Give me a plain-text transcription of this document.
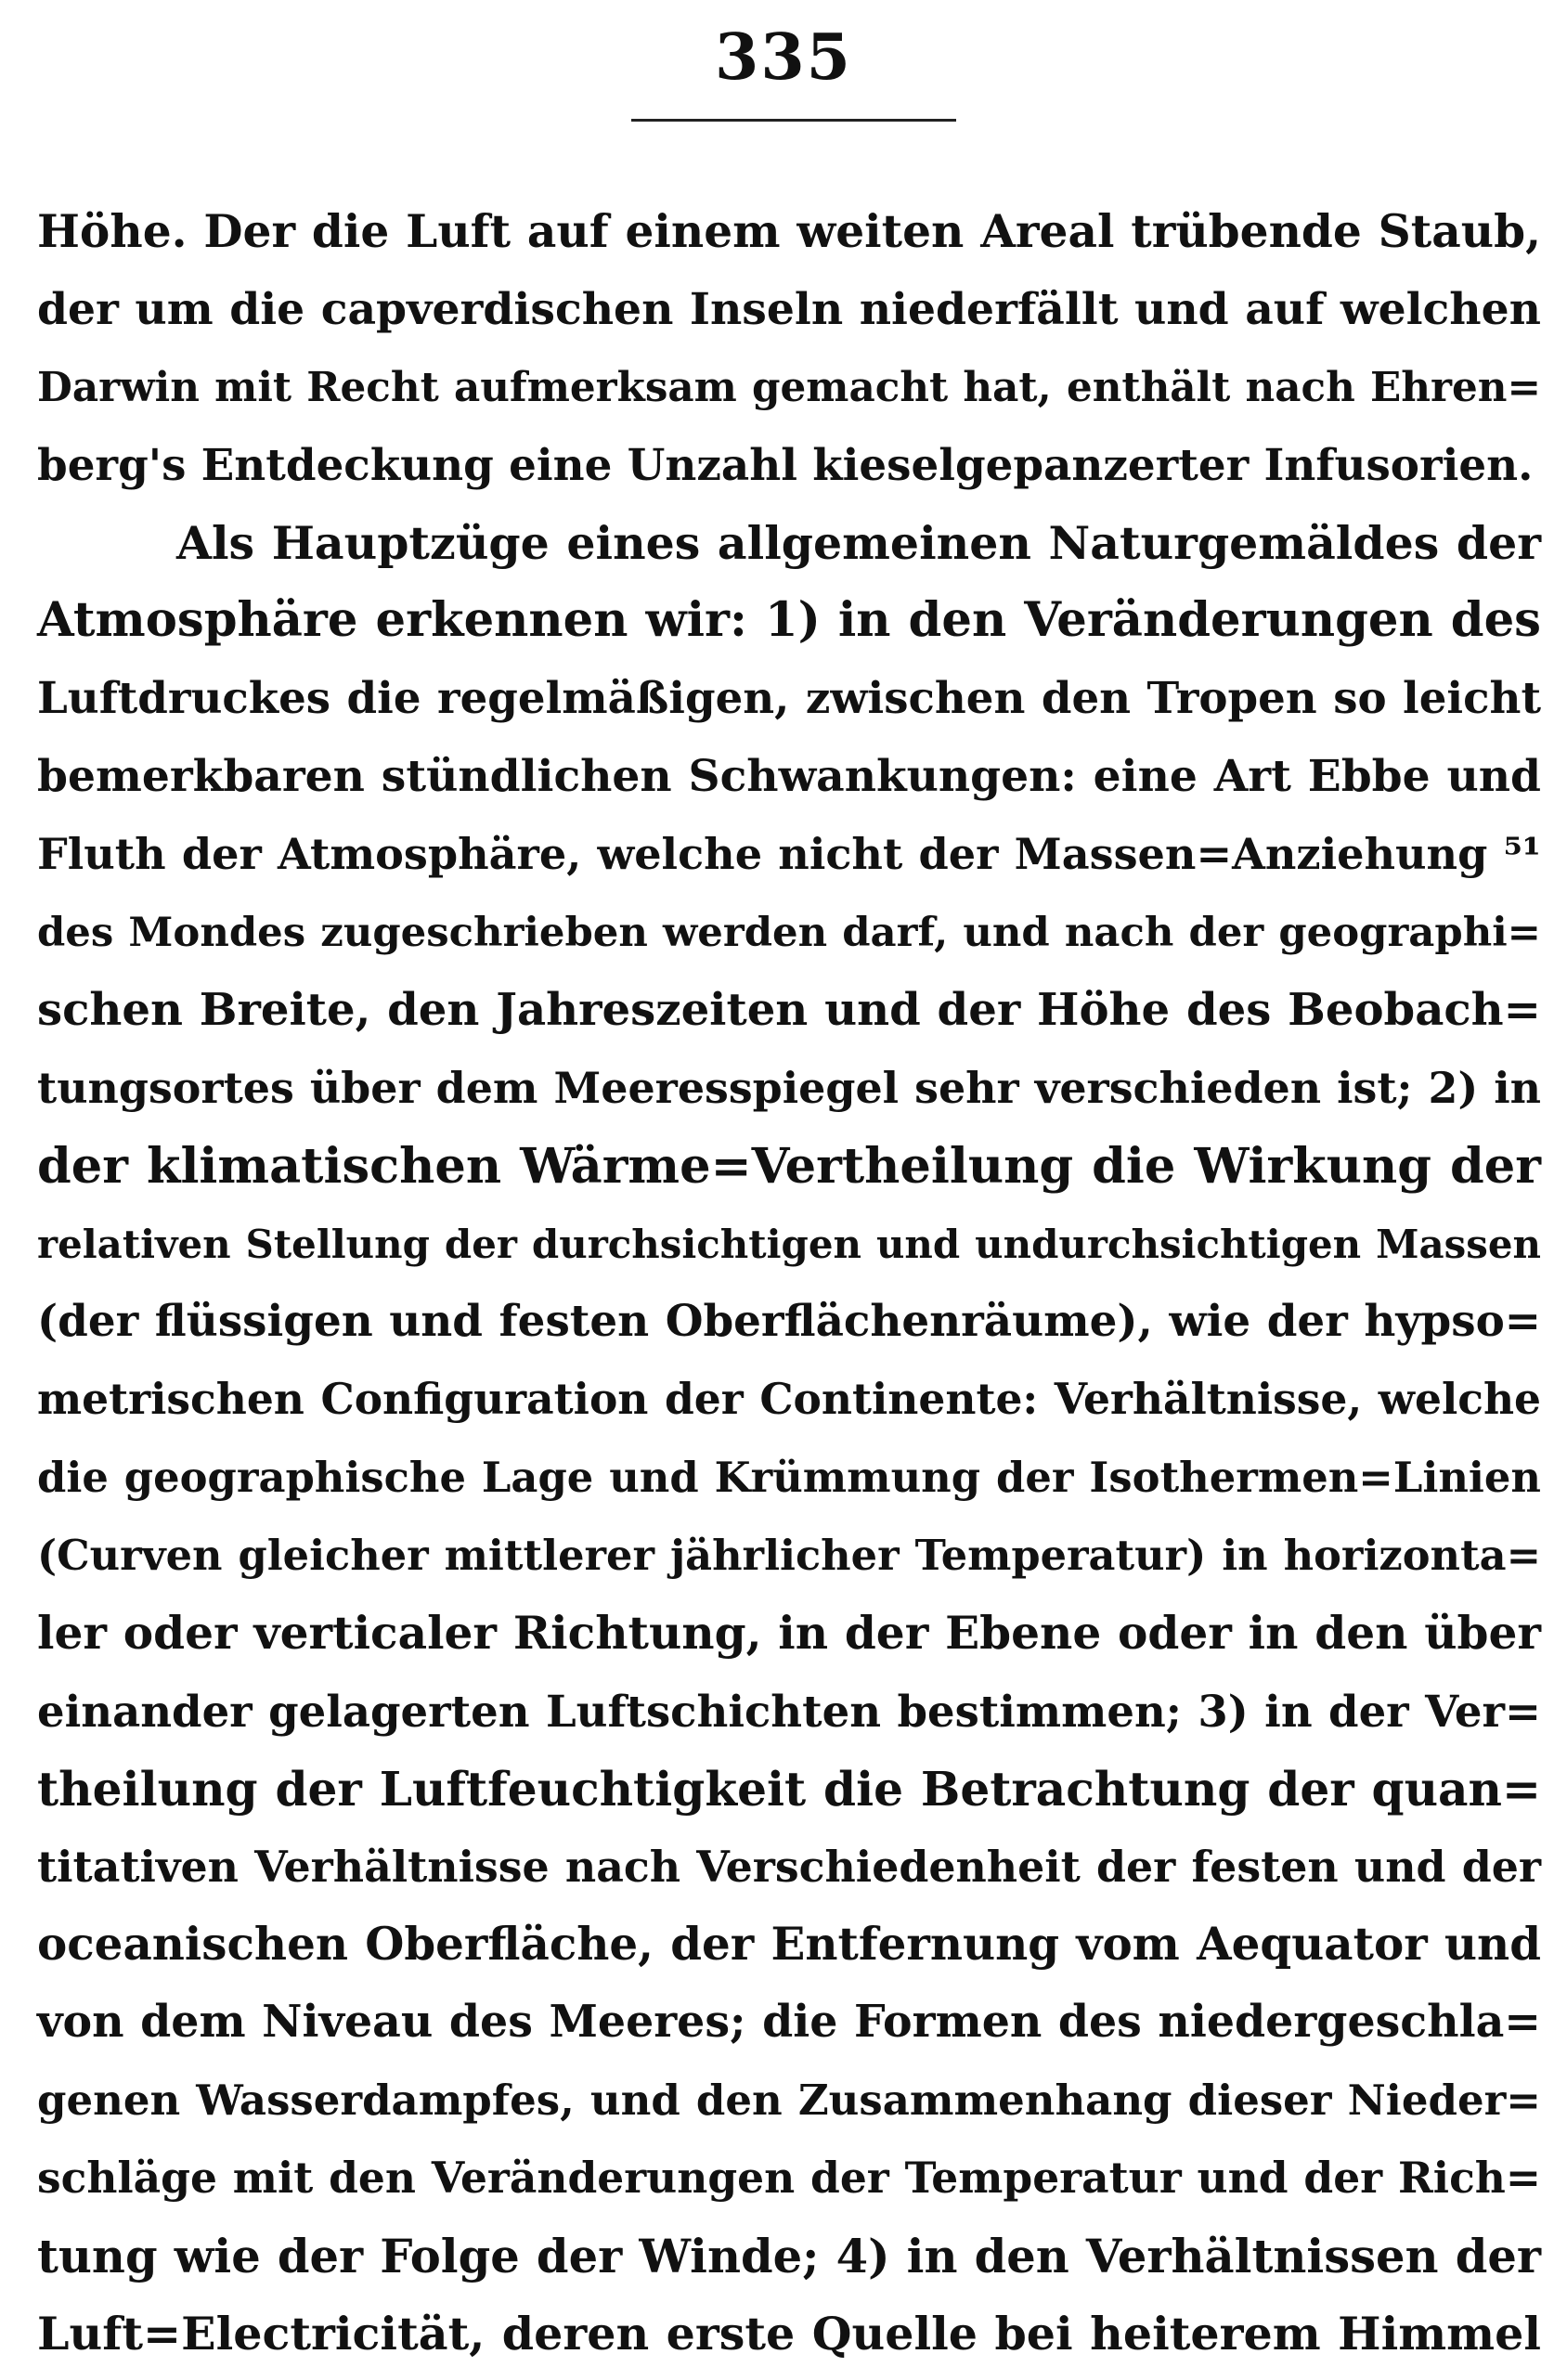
335
Höhe. Der die Luft auf einem weiten Areal trübende Staub,
der um die capverdischen Inseln niederfällt und auf welchen
Darwin mit Recht aufmerksam gemacht hat, enthält nach Ehren=
berg's Entdeckung eine Unzahl kieselgepanzerter Infusorien.
Als Hauptzüge eines allgemeinen Naturgemäldes der
Atmosphäre erkennen wir: 1) in den Veränderungen des
Luftdruckes die regelmäßigen, zwischen den Tropen so leicht
bemerkbaren stündlichen Schwankungen: eine Art Ebbe und
Fluth der Atmosphäre, welche nicht der Massen=Anziehung ⁵¹
des Mondes zugeschrieben werden darf, und nach der geographi=
schen Breite, den Jahreszeiten und der Höhe des Beobach=
tungsortes über dem Meeresspiegel sehr verschieden ist; 2) in
der klimatischen Wärme=Vertheilung die Wirkung der
relativen Stellung der durchsichtigen und undurchsichtigen Massen
(der flüssigen und festen Oberflächenräume), wie der hypso=
metrischen Configuration der Continente: Verhältnisse, welche
die geographische Lage und Krümmung der Isothermen=Linien
(Curven gleicher mittlerer jährlicher Temperatur) in horizonta=
ler oder verticaler Richtung, in der Ebene oder in den über
einander gelagerten Luftschichten bestimmen; 3) in der Ver=
theilung der Luftfeuchtigkeit die Betrachtung der quan=
titativen Verhältnisse nach Verschiedenheit der festen und der
oceanischen Oberfläche, der Entfernung vom Aequator und
von dem Niveau des Meeres; die Formen des niedergeschla=
genen Wasserdampfes, und den Zusammenhang dieser Nieder=
schläge mit den Veränderungen der Temperatur und der Rich=
tung wie der Folge der Winde; 4) in den Verhältnissen der
Luft=Electricität, deren erste Quelle bei heiterem Himmel
